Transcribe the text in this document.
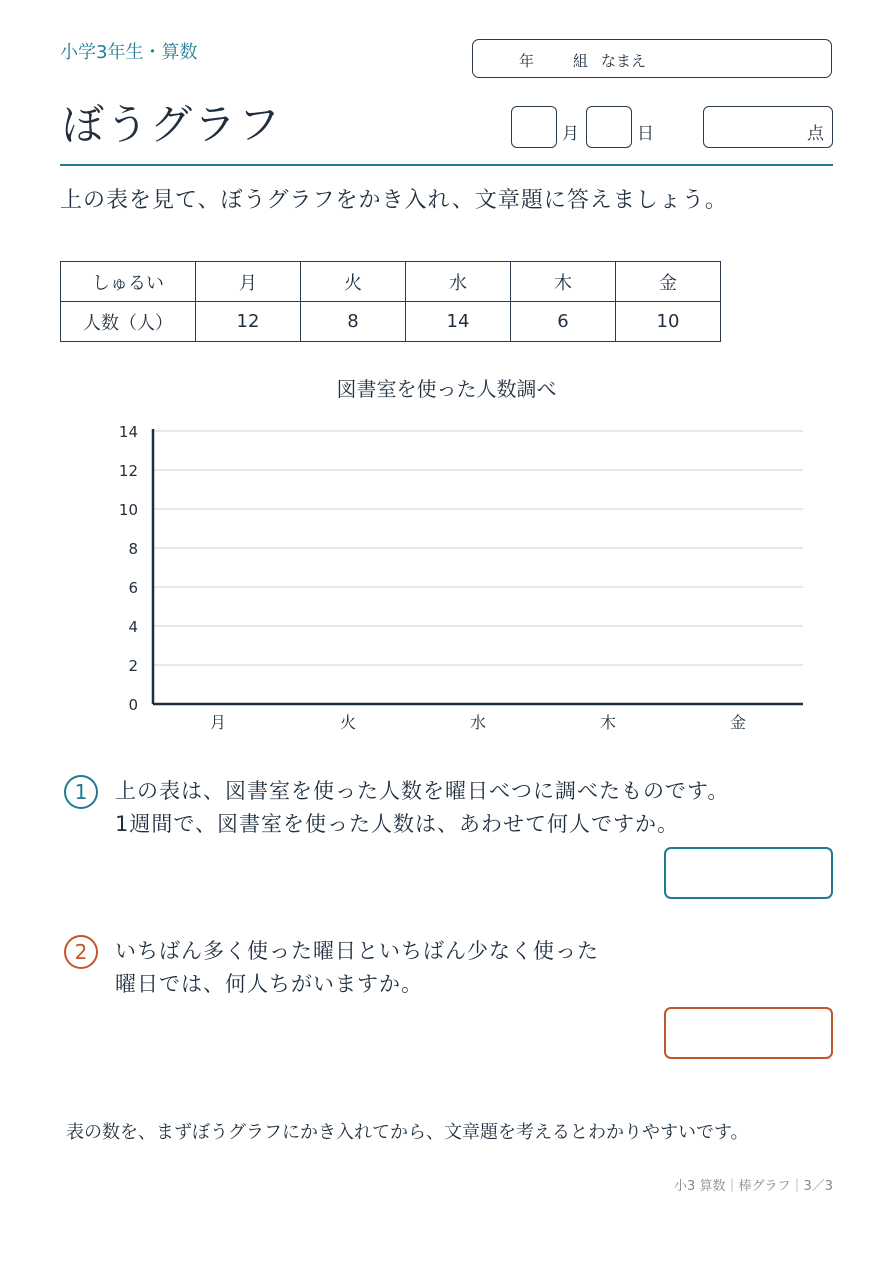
小学3年生・算数	年	組 なまえ
ぼうグラフ	月	日	点
上の表を見て、ぼうグラフをかき入れ、文章題に答えましょう。
しゅるい	月	火	水	木	金
人数（人）	12	8	14	6	10
図書室を使った人数調べ
0
2
4
6
8
10
12
14
月	火	水	木	金
1	上の表は、図書室を使った人数を曜日べつに調べたものです。
1週間で、図書室を使った人数は、あわせて何人ですか。
2	いちばん多く使った曜日といちばん少なく使った
曜日では、何人ちがいますか。
表の数を、まずぼうグラフにかき入れてから、文章題を考えるとわかりやすいです。
小3 算数｜棒グラフ｜3／3
